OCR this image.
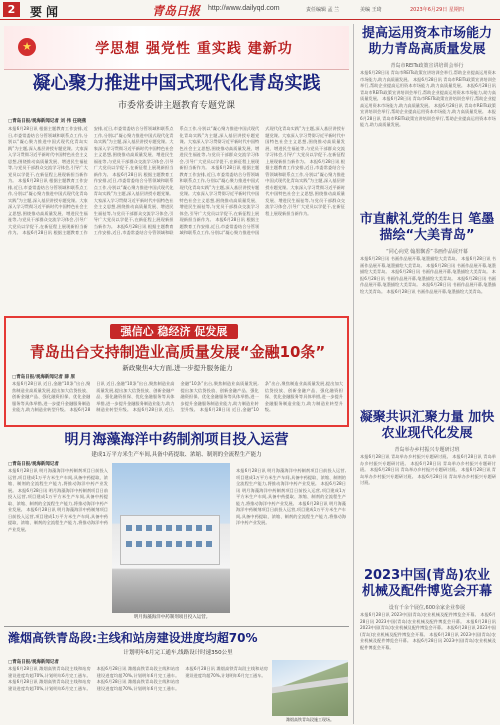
2	要闻	青岛日报 http://www.dailyqd.com	责任编辑 孟 兰	美编 王琦	2023年6月29日 星期四
★	学思想 强党性 重实践 建新功
凝心聚力推进中国式现代化青岛实践
市委常委讲主题教育专题党课
□青岛日报/观海新闻记者 刘 伟 任晓燕
本报6月28日讯 根据主题教育工作安排,近日,市委常委结合分管领域和联系点工作,分别以“凝心聚力推进中国式现代化青岛实践”为主题,深入基层讲授专题党课。大家深入学习贯彻习近平新时代中国特色社会主义思想,围绕推动高质量发展、增进民生福祉等,与党员干部群众交流学习体会,引导广大党员以学促干,在新征程上展现新担当新作为。 本报6月28日讯 根据主题教育工作安排,近日,市委常委结合分管领域和联系点工作,分别以“凝心聚力推进中国式现代化青岛实践”为主题,深入基层讲授专题党课。大家深入学习贯彻习近平新时代中国特色社会主义思想,围绕推动高质量发展、增进民生福祉等,与党员干部群众交流学习体会,引导广大党员以学促干,在新征程上展现新担当新作为。 本报6月28日讯 根据主题教育工作安排,近日,市委常委结合分管领域和联系点工作,分别以“凝心聚力推进中国式现代化青岛实践”为主题,深入基层讲授专题党课。大家深入学习贯彻习近平新时代中国特色社会主义思想,围绕推动高质量发展、增进民生福祉等,与党员干部群众交流学习体会,引导广大党员以学促干,在新征程上展现新担当新作为。 本报6月28日讯 根据主题教育工作安排,近日,市委常委结合分管领域和联系点工作,分别以“凝心聚力推进中国式现代化青岛实践”为主题,深入基层讲授专题党课。大家深入学习贯彻习近平新时代中国特色社会主义思想,围绕推动高质量发展、增进民生福祉等,与党员干部群众交流学习体会,引导广大党员以学促干,在新征程上展现新担当新作为。 本报6月28日讯 根据主题教育工作安排,近日,市委常委结合分管领域和联系点工作,分别以“凝心聚力推进中国式现代化青岛实践”为主题,深入基层讲授专题党课。大家深入学习贯彻习近平新时代中国特色社会主义思想,围绕推动高质量发展、增进民生福祉等,与党员干部群众交流学习体会,引导广大党员以学促干,在新征程上展现新担当新作为。 本报6月28日讯 根据主题教育工作安排,近日,市委常委结合分管领域和联系点工作,分别以“凝心聚力推进中国式现代化青岛实践”为主题,深入基层讲授专题党课。大家深入学习贯彻习近平新时代中国特色社会主义思想,围绕推动高质量发展、增进民生福祉等,与党员干部群众交流学习体会,引导广大党员以学促干,在新征程上展现新担当新作为。 本报6月28日讯 根据主题教育工作安排,近日,市委常委结合分管领域和联系点工作,分别以“凝心聚力推进中国式现代化青岛实践”为主题,深入基层讲授专题党课。大家深入学习贯彻习近平新时代中国特色社会主义思想,围绕推动高质量发展、增进民生福祉等,与党员干部群众交流学习体会,引导广大党员以学促干,在新征程上展现新担当新作为。 本报6月28日讯 根据主题教育工作安排,近日,市委常委结合分管领域和联系点工作,分别以“凝心聚力推进中国式现代化青岛实践”为主题,深入基层讲授专题党课。大家深入学习贯彻习近平新时代中国特色社会主义思想,围绕推动高质量发展、增进民生福祉等,与党员干部群众交流学习体会,引导广大党员以学促干,在新征程上展现新担当新作为。
强信心 稳经济 促发展
青岛出台支持制造业高质量发展“金融10条”
新政聚焦4大方面,进一步提升服务能力
□青岛日报/观海新闻记者 薛 原
本报6月28日讯 近日,金融“10条”出台,聚焦制造业高质量发展,提出加大信贷投放、创新金融产品、强化融资担保、优化金融服务等具体举措,进一步提升金融服务制造业能力,助力制造业转型升级。 本报6月28日讯 近日,金融“10条”出台,聚焦制造业高质量发展,提出加大信贷投放、创新金融产品、强化融资担保、优化金融服务等具体举措,进一步提升金融服务制造业能力,助力制造业转型升级。 本报6月28日讯 近日,金融“10条”出台,聚焦制造业高质量发展,提出加大信贷投放、创新金融产品、强化融资担保、优化金融服务等具体举措,进一步提升金融服务制造业能力,助力制造业转型升级。 本报6月28日讯 近日,金融“10条”出台,聚焦制造业高质量发展,提出加大信贷投放、创新金融产品、强化融资担保、优化金融服务等具体举措,进一步提升金融服务制造业能力,助力制造业转型升级。
明月海藻海洋中药制剂项目投入运营
建成1万平方米生产车间,具备中药提取、浓缩、制剂的全流程生产能力
□青岛日报/观海新闻记者
本报6月28日讯 明月海藻海洋中药制剂项目日前投入运营,项目建成1万平方米生产车间,具备中药提取、浓缩、制剂的全流程生产能力,将推动海洋中药产业发展。 本报6月28日讯 明月海藻海洋中药制剂项目日前投入运营,项目建成1万平方米生产车间,具备中药提取、浓缩、制剂的全流程生产能力,将推动海洋中药产业发展。 本报6月28日讯 明月海藻海洋中药制剂项目日前投入运营,项目建成1万平方米生产车间,具备中药提取、浓缩、制剂的全流程生产能力,将推动海洋中药产业发展。
明月海藻海洋中药制剂项目投入运营。
本报6月28日讯 明月海藻海洋中药制剂项目日前投入运营,项目建成1万平方米生产车间,具备中药提取、浓缩、制剂的全流程生产能力,将推动海洋中药产业发展。 本报6月28日讯 明月海藻海洋中药制剂项目日前投入运营,项目建成1万平方米生产车间,具备中药提取、浓缩、制剂的全流程生产能力,将推动海洋中药产业发展。 本报6月28日讯 明月海藻海洋中药制剂项目日前投入运营,项目建成1万平方米生产车间,具备中药提取、浓缩、制剂的全流程生产能力,将推动海洋中药产业发展。
潍烟高铁青岛段:主线和站房建设进度均超70%
计划明年6月完工通车,线路设计时速350公里
□青岛日报/观海新闻记者
本报6月28日讯 潍烟高铁青岛段主线和站房建设进度均超70%,计划明年6月完工通车。 本报6月28日讯 潍烟高铁青岛段主线和站房建设进度均超70%,计划明年6月完工通车。 本报6月28日讯 潍烟高铁青岛段主线和站房建设进度均超70%,计划明年6月完工通车。 本报6月28日讯 潍烟高铁青岛段主线和站房建设进度均超70%,计划明年6月完工通车。 本报6月28日讯 潍烟高铁青岛段主线和站房建设进度均超70%,计划明年6月完工通车。
潍烟高铁青岛段施工现场。
提高运用资本市场能力 助力青岛高质量发展
青岛市REITs政策宣讲培训会举行
本报6月28日讯 青岛市REITs政策宣讲培训会举行,帮助企业提高运用资本市场能力,助力高质量发展。 本报6月28日讯 青岛市REITs政策宣讲培训会举行,帮助企业提高运用资本市场能力,助力高质量发展。 本报6月28日讯 青岛市REITs政策宣讲培训会举行,帮助企业提高运用资本市场能力,助力高质量发展。 本报6月28日讯 青岛市REITs政策宣讲培训会举行,帮助企业提高运用资本市场能力,助力高质量发展。 本报6月28日讯 青岛市REITs政策宣讲培训会举行,帮助企业提高运用资本市场能力,助力高质量发展。 本报6月28日讯 青岛市REITs政策宣讲培训会举行,帮助企业提高运用资本市场能力,助力高质量发展。
市直献礼党的生日 笔墨描绘“大美青岛”
“同心向党 翰墨飘香”书画作品展开幕
本报6月28日讯 书画作品展开幕,笔墨描绘大美青岛。 本报6月28日讯 书画作品展开幕,笔墨描绘大美青岛。 本报6月28日讯 书画作品展开幕,笔墨描绘大美青岛。 本报6月28日讯 书画作品展开幕,笔墨描绘大美青岛。 本报6月28日讯 书画作品展开幕,笔墨描绘大美青岛。 本报6月28日讯 书画作品展开幕,笔墨描绘大美青岛。 本报6月28日讯 书画作品展开幕,笔墨描绘大美青岛。 本报6月28日讯 书画作品展开幕,笔墨描绘大美青岛。
凝聚共识汇聚力量 加快农业现代化发展
青岛举办乡村振兴专题研讨班
本报6月28日讯 青岛举办乡村振兴专题研讨班。 本报6月28日讯 青岛举办乡村振兴专题研讨班。 本报6月28日讯 青岛举办乡村振兴专题研讨班。 本报6月28日讯 青岛举办乡村振兴专题研讨班。 本报6月28日讯 青岛举办乡村振兴专题研讨班。 本报6月28日讯 青岛举办乡村振兴专题研讨班。
2023中国(青岛)农业机械及配件博览会开幕
设有千余个展位,600余家企业参展
本报6月28日讯 2023中国(青岛)农业机械及配件博览会开幕。 本报6月28日讯 2023中国(青岛)农业机械及配件博览会开幕。 本报6月28日讯 2023中国(青岛)农业机械及配件博览会开幕。 本报6月28日讯 2023中国(青岛)农业机械及配件博览会开幕。 本报6月28日讯 2023中国(青岛)农业机械及配件博览会开幕。 本报6月28日讯 2023中国(青岛)农业机械及配件博览会开幕。
